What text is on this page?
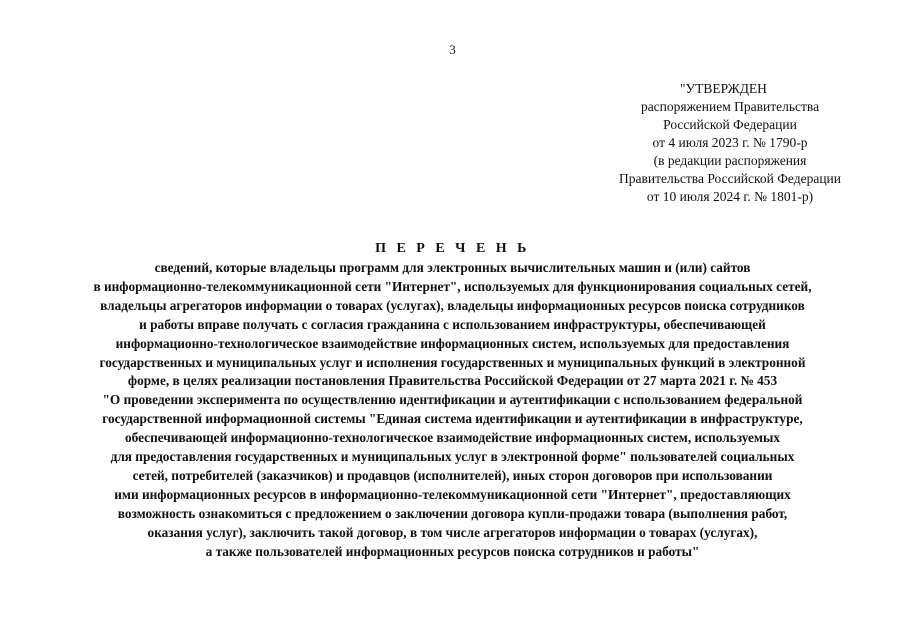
3
"УТВЕРЖДЕН
распоряжением Правительства
Российской Федерации
от 4 июля 2023 г. № 1790-р
(в редакции распоряжения
Правительства Российской Федерации
от 10 июля 2024 г. № 1801-р)
П Е Р Е Ч Е Н Ь
сведений, которые владельцы программ для электронных вычислительных машин и (или) сайтов
в информационно-телекоммуникационной сети "Интернет", используемых для функционирования социальных сетей,
владельцы агрегаторов информации о товарах (услугах), владельцы информационных ресурсов поиска сотрудников
и работы вправе получать с согласия гражданина с использованием инфраструктуры, обеспечивающей
информационно-технологическое взаимодействие информационных систем, используемых для предоставления
государственных и муниципальных услуг и исполнения государственных и муниципальных функций в электронной
форме, в целях реализации постановления Правительства Российской Федерации от 27 марта 2021 г. № 453
"О проведении эксперимента по осуществлению идентификации и аутентификации с использованием федеральной
государственной информационной системы "Единая система идентификации и аутентификации в инфраструктуре,
обеспечивающей информационно-технологическое взаимодействие информационных систем, используемых
для предоставления государственных и муниципальных услуг в электронной форме" пользователей социальных
сетей, потребителей (заказчиков) и продавцов (исполнителей), иных сторон договоров при использовании
ими информационных ресурсов в информационно-телекоммуникационной сети "Интернет", предоставляющих
возможность ознакомиться с предложением о заключении договора купли-продажи товара (выполнения работ,
оказания услуг), заключить такой договор, в том числе агрегаторов информации о товарах (услугах),
а также пользователей информационных ресурсов поиска сотрудников и работы"
